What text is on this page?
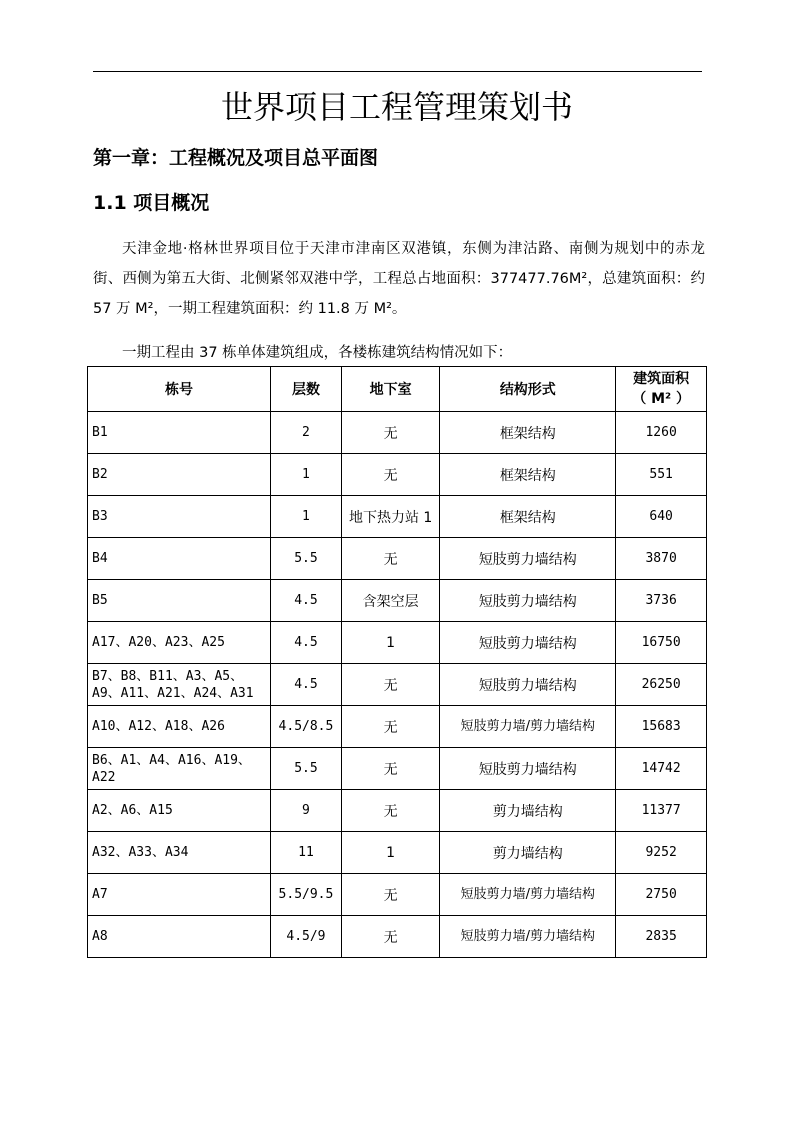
世界项目工程管理策划书
第一章：工程概况及项目总平面图
1.1 项目概况
天津金地·格林世界项目位于天津市津南区双港镇，东侧为津沽路、南侧为规划中的赤龙街、西侧为第五大街、北侧紧邻双港中学，工程总占地面积：377477.76M²，总建筑面积：约 57 万 M²，一期工程建筑面积：约 11.8 万 M²。
一期工程由 37 栋单体建筑组成，各楼栋建筑结构情况如下：
栋号	层数	地下室	结构形式	建筑面积
（ M² ）

B1	2	无	框架结构	1260
B2	1	无	框架结构	551
B3	1	地下热力站 1	框架结构	640
B4	5.5	无	短肢剪力墙结构	3870
B5	4.5	含架空层	短肢剪力墙结构	3736
A17、A20、A23、A25	4.5	1	短肢剪力墙结构	16750
B7、B8、B11、A3、A5、A9、A11、A21、A24、A31	4.5	无	短肢剪力墙结构	26250
A10、A12、A18、A26	4.5/8.5	无	短肢剪力墙/剪力墙结构	15683
B6、A1、A4、A16、A19、A22	5.5	无	短肢剪力墙结构	14742
A2、A6、A15	9	无	剪力墙结构	11377
A32、A33、A34	11	1	剪力墙结构	9252
A7	5.5/9.5	无	短肢剪力墙/剪力墙结构	2750
A8	4.5/9	无	短肢剪力墙/剪力墙结构	2835
